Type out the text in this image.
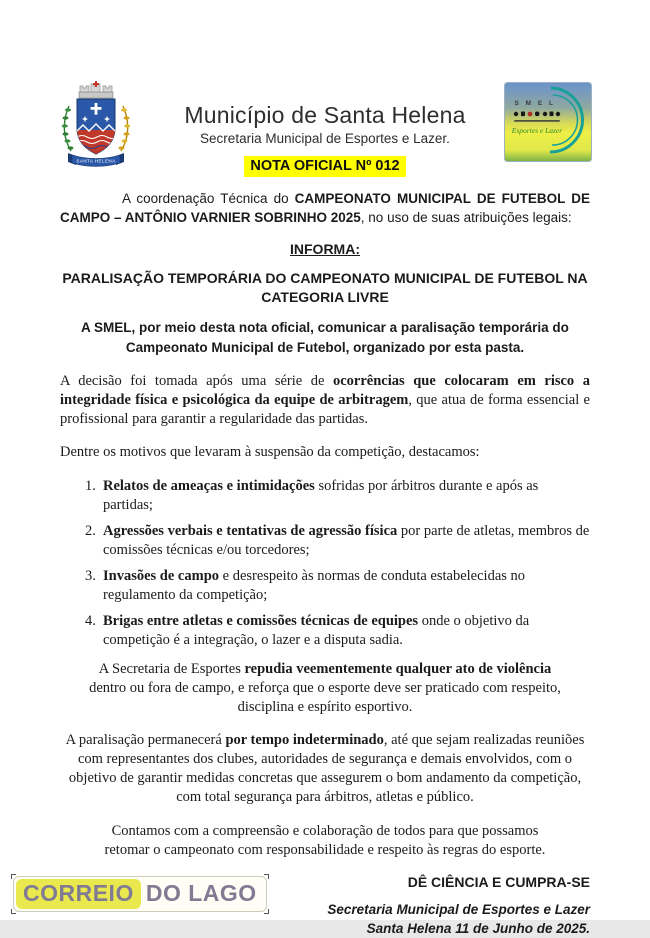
SANTA HELENA
Município de Santa Helena
Secretaria Municipal de Esportes e Lazer.
S M E L
Esportes e Lazer
NOTA OFICIAL Nº 012

A coordenação Técnica do CAMPEONATO MUNICIPAL DE FUTEBOL DE CAMPO – ANTÔNIO VARNIER SOBRINHO 2025, no uso de suas atribuições legais:

INFORMA:
PARALISAÇÃO TEMPORÁRIA DO CAMPEONATO MUNICIPAL DE FUTEBOL NA CATEGORIA LIVRE

A SMEL, por meio desta nota oficial, comunicar a paralisação temporária do Campeonato Municipal de Futebol, organizado por esta pasta.

A decisão foi tomada após uma série de ocorrências que colocaram em risco a integridade física e psicológica da equipe de arbitragem, que atua de forma essencial e profissional para garantir a regularidade das partidas.

Dentre os motivos que levaram à suspensão da competição, destacamos:

Relatos de ameaças e intimidações sofridas por árbitros durante e após as partidas;
Agressões verbais e tentativas de agressão física por parte de atletas, membros de comissões técnicas e/ou torcedores;
Invasões de campo e desrespeito às normas de conduta estabelecidas no regulamento da competição;
Brigas entre atletas e comissões técnicas de equipes onde o objetivo da competição é a integração, o lazer e a disputa sadia.

A Secretaria de Esportes repudia veementemente qualquer ato de violência dentro ou fora de campo, e reforça que o esporte deve ser praticado com respeito, disciplina e espírito esportivo.

A paralisação permanecerá por tempo indeterminado, até que sejam realizadas reuniões com representantes dos clubes, autoridades de segurança e demais envolvidos, com o objetivo de garantir medidas concretas que assegurem o bom andamento da competição, com total segurança para árbitros, atletas e público.

Contamos com a compreensão e colaboração de todos para que possamos retomar o campeonato com responsabilidade e respeito às regras do esporte.

DÊ CIÊNCIA E CUMPRA-SE
Secretaria Municipal de Esportes e Lazer
Santa Helena 11 de Junho de 2025.
CORREIO DO LAGO
